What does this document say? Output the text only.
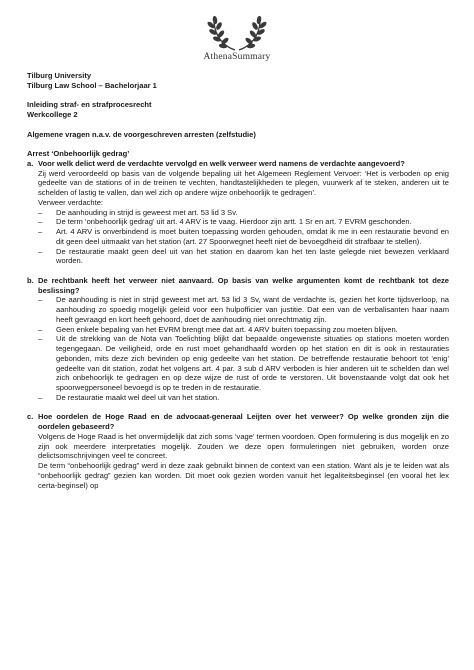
AthenaSummary

Tilburg University

Tilburg Law School – Bachelorjaar 1

Inleiding straf- en strafprocesrecht

Werkcollege 2

Algemene vragen n.a.v. de voorgeschreven arresten (zelfstudie)

Arrest ‘Onbehoorlijk gedrag’

a. Voor welk delict werd de verdachte vervolgd en welk verweer werd namens de verdachte aangevoerd?

Zij werd veroordeeld op basis van de volgende bepaling uit het Algemeen Reglement Vervoer: ‘Het is verboden op enig gedeelte van de stations of in de treinen te vechten, handtastelijkheden te plegen, vuurwerk af te steken, anderen uit te schelden of lastig te vallen, dan wel zich op andere wijze onbehoorlijk te gedragen’.

Verweer verdachte:

– De aanhouding in strijd is geweest met art. 53 lid 3 Sv.
– De term ‘onbehoorlijk gedrag’ uit art. 4 ARV is te vaag. Hierdoor zijn artt. 1 Sr en art. 7 EVRM geschonden.
– Art. 4 ARV is onverbindend is moet buiten toepassing worden gehouden, omdat ik me in een restauratie bevond en dit geen deel uitmaakt van het station (art. 27 Spoorwegnet heeft niet de bevoegdheid dit strafbaar te stellen).
– De restauratie maakt geen deel uit van het station en daarom kan het ten laste gelegde niet bewezen verklaard worden.
b. De rechtbank heeft het verweer niet aanvaard. Op basis van welke argumenten komt de rechtbank tot deze beslissing?
– De aanhouding is niet in strijd geweest met art. 53 lid 3 Sv, want de verdachte is, gezien het korte tijdsverloop, na aanhouding zo spoedig mogelijk geleid voor een hulpofficier van justitie. Dat een van de verbalisanten haar naam heeft gevraagd en kort heeft gehoord, doet de aanhouding niet onrechtmatig zijn.
– Geen enkele bepaling van het EVRM brengt mee dat art. 4 ARV buiten toepassing zou moeten blijven.
– Uit de strekking van de Nota van Toelichting blijkt dat bepaalde ongewenste situaties op stations moeten worden tegengegaan. De veiligheid, orde en rust moet gehandhaafd worden op het station en dit is ook in restauraties gebonden, mits deze zich bevinden op enig gedeelte van het station. De betreffende restauratie behoort tot ‘enig’ gedeelte van dit station, zodat het volgens art. 4 par. 3 sub d ARV verboden is hier anderen uit te schelden dan wel zich onbehoorlijk te gedragen en op deze wijze de rust of orde te verstoren. Uit bovenstaande volgt dat ook het spoorwegpersoneel bevoegd is op te treden in de restauratie.
– De restauratie maakt wel deel uit van het station.
c. Hoe oordelen de Hoge Raad en de advocaat-generaal Leijten over het verweer? Op welke gronden zijn die oordelen gebaseerd?

Volgens de Hoge Raad is het onvermijdelijk dat zich soms ‘vage’ termen voordoen. Open formulering is dus mogelijk en zo zijn ook meerdere interpretaties mogelijk. Zouden we deze open formuleringen niet gebruiken, worden onze delictsomschrijvingen veel te concreet.

De term “onbehoorlijk gedrag” werd in deze zaak gebruikt binnen de context van een station. Want als je te leiden wat als “onbehoorlijk gedrag” gezien kan worden. Dit moet ook gezien worden vanuit het legaliteitsbeginsel (en vooral het lex certa-beginsel) op
